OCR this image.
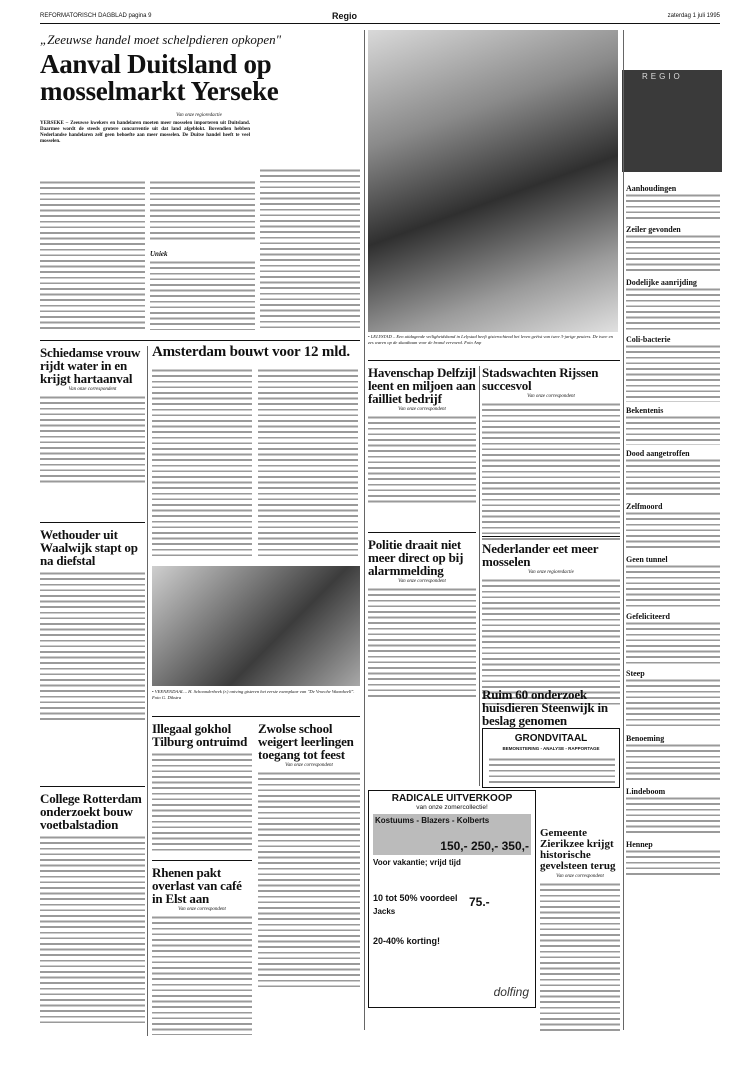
REFORMATORISCH DAGBLAD pagina 9	Regio	zaterdag 1 juli 1995
„Zeeuwse handel moet schelpdieren opkopen"
Aanval Duitsland op mosselmarkt Yerseke
Van onze regioredactie
YERSEKE – Zeeuwse kwekers en handelaren moeten meer mosselen importeren uit Duitsland. Daarmee wordt de steeds grotere concurrentie uit dat land afgeblokt. Bovendien hebben Nederlandse handelaren zelf geen behoefte aan meer mosselen. De Duitse handel heeft te veel mosselen.
Uniek
Schiedamse vrouw rijdt water in en krijgt hartaanval
Van onze correspondent
Wethouder uit Waalwijk stapt op na diefstal
College Rotterdam onderzoekt bouw voetbalstadion
Amsterdam bouwt voor 12 mld.
• VEENENDAAL – H. Schoonderbeek (r.) ontving gisteren het eerste exemplaar van "De Vroeche Waardwell". Foto G. Dikstra
Illegaal gokhol Tilburg ontruimd
Rhenen pakt overlast van café in Elst aan
Van onze correspondent
Zwolse school weigert leerlingen toegang tot feest
Van onze correspondent
• LELYSTAD – Een uitdagende veiligheidsband in Lelystad heeft gisterochtend het leven geëist van twee 3-jarige peuters. De twee en zes waren op de skaatbaan voor de brand vervoerd. Foto Anp
Havenschap Delfzijl leent en miljoen aan failliet bedrijf
Van onze correspondent
Politie draait niet meer direct op bij alarmmelding
Van onze correspondent
Stadswachten Rijssen succesvol
Van onze correspondent
Nederlander eet meer mosselen
Van onze regioredactie
Ruim 60 onderzoek huisdieren Steenwijk in beslag genomen
Gemeente Zierikzee krijgt historische gevelsteen terug
Van onze correspondent
GRONDVITAAL
BEMONSTERING - ANALYSE - RAPPORTAGE
RADICALE UITVERKOOP
van onze zomercollectie!
Kostuums - Blazers - Kolberts
150,- 250,- 350,-
Voor vakantie; vrijd tijd
10 tot 50% voordeel
Jacks
75.-
20-40% korting!
dolfing
REGIO
Aanhoudingen
Zeiler gevonden
Dodelijke aanrijding
Coli-bacterie
Bekentenis
Dood aangetroffen
Zelfmoord
Geen tunnel
Gefeliciteerd
Steep
Benoeming
Lindeboom
Hennep
